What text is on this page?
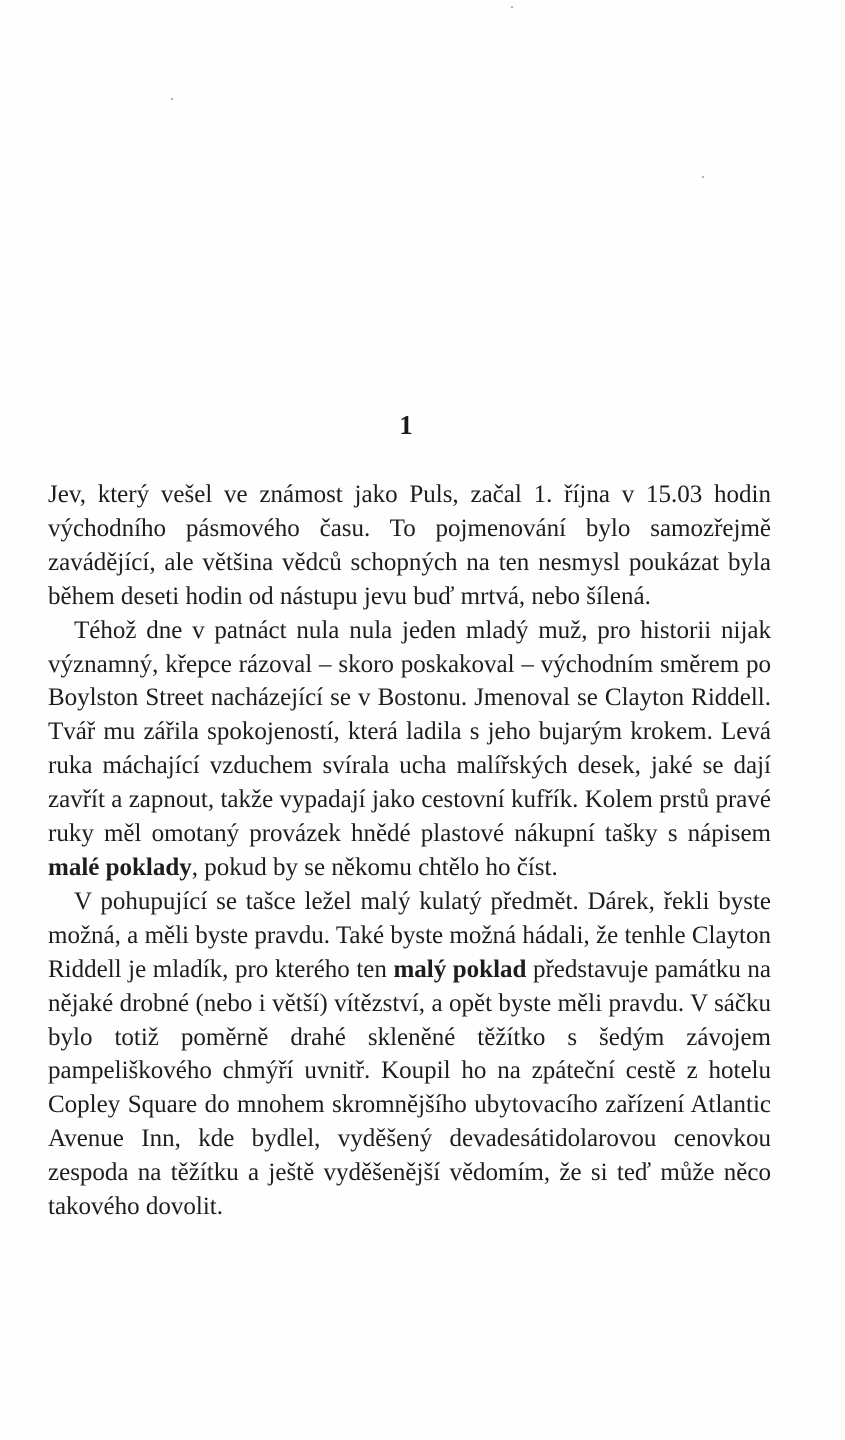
1

Jev, který vešel ve známost jako Puls, začal 1. října v 15.03 hodin východního pásmového času. To pojmenování bylo samozřejmě zavádějící, ale většina vědců schopných na ten nesmysl poukázat byla během deseti hodin od nástupu jevu buď mrtvá, nebo šílená.

Téhož dne v patnáct nula nula jeden mladý muž, pro historii nijak významný, křepce rázoval – skoro poskakoval – východním směrem po Boylston Street nacházející se v Bostonu. Jmenoval se Clayton Riddell. Tvář mu zářila spokojeností, která ladila s jeho bujarým krokem. Levá ruka máchající vzduchem svírala ucha malířských desek, jaké se dají zavřít a zapnout, takže vypadají jako cestovní kufřík. Kolem prstů pravé ruky měl omotaný provázek hnědé plastové nákupní tašky s nápisem malé poklady, pokud by se někomu chtělo ho číst.

V pohupující se tašce ležel malý kulatý předmět. Dárek, řekli byste možná, a měli byste pravdu. Také byste možná hádali, že tenhle Clayton Riddell je mladík, pro kterého ten malý poklad představuje památku na nějaké drobné (nebo i větší) vítězství, a opět byste měli pravdu. V sáčku bylo totiž poměrně drahé skleněné těžítko s šedým závojem pampeliškového chmýří uvnitř. Koupil ho na zpáteční cestě z hotelu Copley Square do mnohem skromnějšího ubytovacího zařízení Atlantic Avenue Inn, kde bydlel, vyděšený devadesátidolarovou cenovkou zespoda na těžítku a ještě vyděšenější vědomím, že si teď může něco takového dovolit.
